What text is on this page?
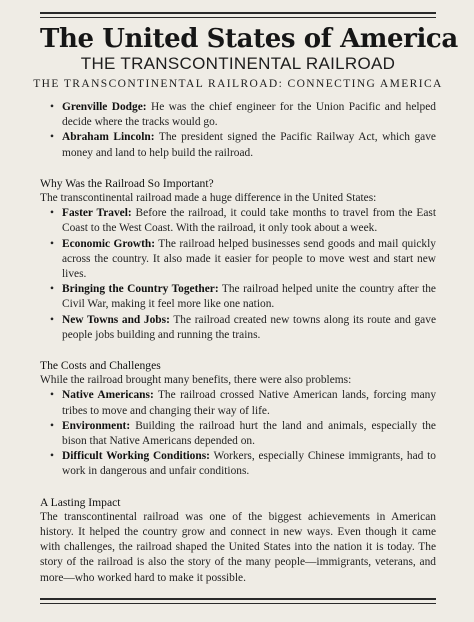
The United States of America
THE TRANSCONTINENTAL RAILROAD
THE TRANSCONTINENTAL RAILROAD: CONNECTING AMERICA
• Grenville Dodge: He was the chief engineer for the Union Pacific and helped decide where the tracks would go.
• Abraham Lincoln: The president signed the Pacific Railway Act, which gave money and land to help build the railroad.
Why Was the Railroad So Important?

The transcontinental railroad made a huge difference in the United States:

• Faster Travel: Before the railroad, it could take months to travel from the East Coast to the West Coast. With the railroad, it only took about a week.
• Economic Growth: The railroad helped businesses send goods and mail quickly across the country. It also made it easier for people to move west and start new lives.
• Bringing the Country Together: The railroad helped unite the country after the Civil War, making it feel more like one nation.
• New Towns and Jobs: The railroad created new towns along its route and gave people jobs building and running the trains.
The Costs and Challenges

While the railroad brought many benefits, there were also problems:

• Native Americans: The railroad crossed Native American lands, forcing many tribes to move and changing their way of life.
• Environment: Building the railroad hurt the land and animals, especially the bison that Native Americans depended on.
• Difficult Working Conditions: Workers, especially Chinese immigrants, had to work in dangerous and unfair conditions.
A Lasting Impact

The transcontinental railroad was one of the biggest achievements in American history. It helped the country grow and connect in new ways. Even though it came with challenges, the railroad shaped the United States into the nation it is today. The story of the railroad is also the story of the many people—immigrants, veterans, and more—who worked hard to make it possible.
